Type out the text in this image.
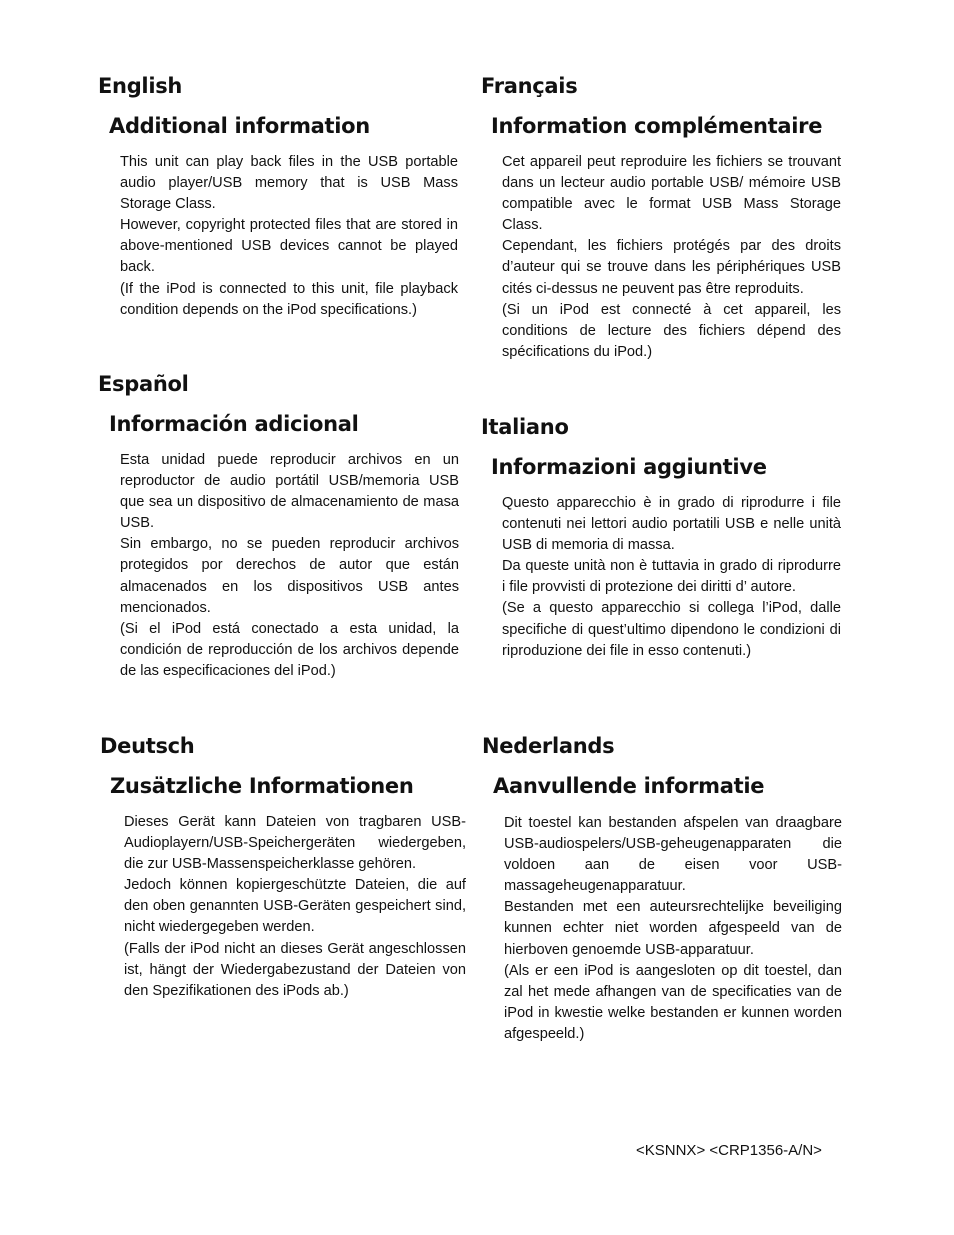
English
Additional information

This unit can play back files in the USB portable audio player/USB memory that is USB Mass Storage Class.

However, copyright protected files that are stored in above-mentioned USB devices cannot be played back.

(If the iPod is connected to this unit, file playback condition depends on the iPod specifications.)

Français
Information complémentaire

Cet appareil peut reproduire les fichiers se trouvant dans un lecteur audio portable USB/ mémoire USB compatible avec le format USB Mass Storage Class.

Cependant, les fichiers protégés par des droits d’auteur qui se trouve dans les périphériques USB cités ci-dessus ne peuvent pas être reproduits.

(Si un iPod est connecté à cet appareil, les conditions de lecture des fichiers dépend des spécifications du iPod.)

Español
Información adicional

Esta unidad puede reproducir archivos en un reproductor de audio portátil USB/memoria USB que sea un dispositivo de almacenamiento de masa USB.

Sin embargo, no se pueden reproducir archivos protegidos por derechos de autor que están almacenados en los dispositivos USB antes mencionados.

(Si el iPod está conectado a esta unidad, la condición de reproducción de los archivos depende de las especificaciones del iPod.)

Italiano
Informazioni aggiuntive

Questo apparecchio è in grado di riprodurre i file contenuti nei lettori audio portatili USB e nelle unità USB di memoria di massa.

Da queste unità non è tuttavia in grado di riprodurre i file provvisti di protezione dei diritti d’ autore.

(Se a questo apparecchio si collega l’iPod, dalle specifiche di quest’ultimo dipendono le condizioni di riproduzione dei file in esso contenuti.)

Deutsch
Zusätzliche Informationen

Dieses Gerät kann Dateien von tragbaren USB-Audioplayern/USB-Speichergeräten wiedergeben, die zur USB-Massenspeicherklasse gehören.

Jedoch können kopiergeschützte Dateien, die auf den oben genannten USB-Geräten gespeichert sind, nicht wiedergegeben werden.

(Falls der iPod nicht an dieses Gerät angeschlossen ist, hängt der Wiedergabezustand der Dateien von den Spezifikationen des iPods ab.)

Nederlands
Aanvullende informatie

Dit toestel kan bestanden afspelen van draagbare USB-audiospelers/USB-geheugenapparaten die voldoen aan de eisen voor USB-massageheugenapparatuur.

Bestanden met een auteursrechtelijke beveiliging kunnen echter niet worden afgespeeld van de hierboven genoemde USB-apparatuur.

(Als er een iPod is aangesloten op dit toestel, dan zal het mede afhangen van de specificaties van de iPod in kwestie welke bestanden er kunnen worden afgespeeld.)

<KSNNX> <CRP1356-A/N>
